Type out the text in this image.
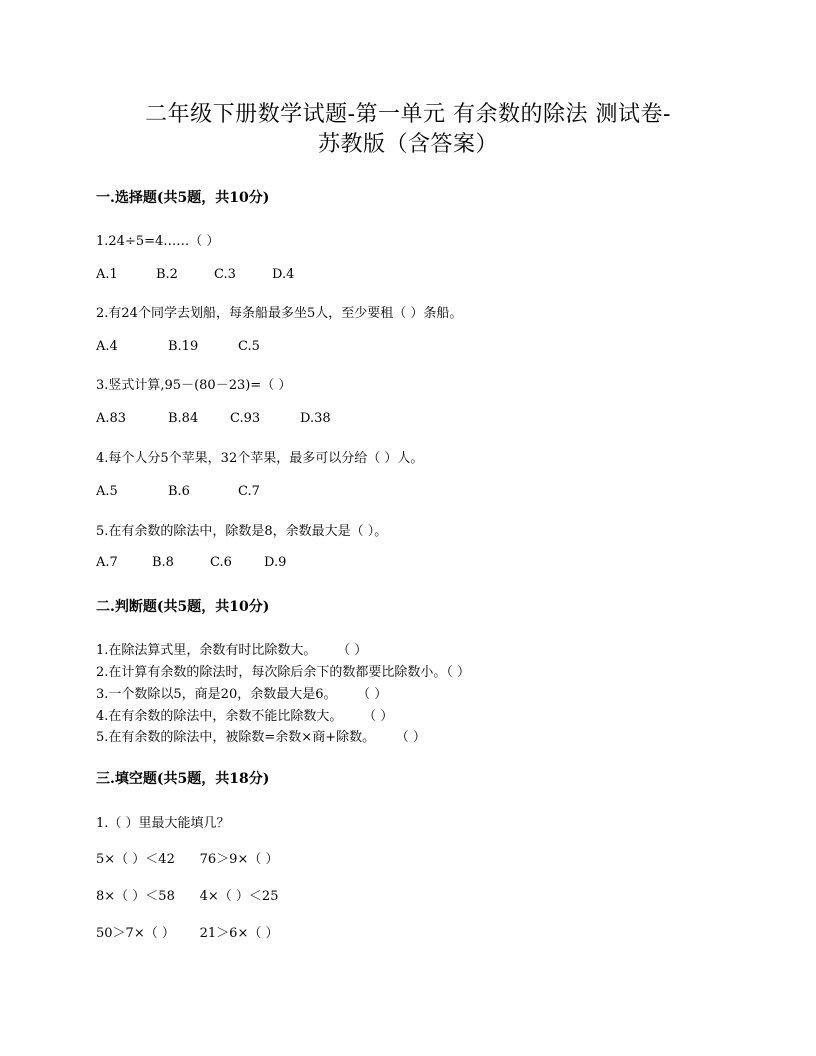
二年级下册数学试题-第一单元 有余数的除法 测试卷-
苏教版（含答案）
一.选择题(共5题，共10分)
1.24÷5=4……（ ）
A.1	B.2	C.3	D.4
2.有24个同学去划船，每条船最多坐5人，至少要租（ ）条船。
A.4	B.19	C.5
3.竖式计算,95－(80－23)=（ ）
A.83	B.84 C.93	D.38
4.每个人分5个苹果，32个苹果，最多可以分给（ ）人。
A.5	B.6	C.7
5.在有余数的除法中，除数是8，余数最大是（ ）。
A.7	B.8	C.6 D.9
二.判断题(共5题，共10分)
1.在除法算式里，余数有时比除数大。     （ ）
2.在计算有余数的除法时，每次除后余下的数都要比除数小。（ ）
3.一个数除以5，商是20，余数最大是6。     （ ）
4.在有余数的除法中，余数不能比除数大。     （ ）
5.在有余数的除法中，被除数=余数×商+除数。     （ ）
三.填空题(共5题，共18分)
1.（ ）里最大能填几？
5×（ ）＜42      76＞9×（ ）
8×（ ）＜58      4×（ ）＜25
50＞7×（ ）      21＞6×（ ）
